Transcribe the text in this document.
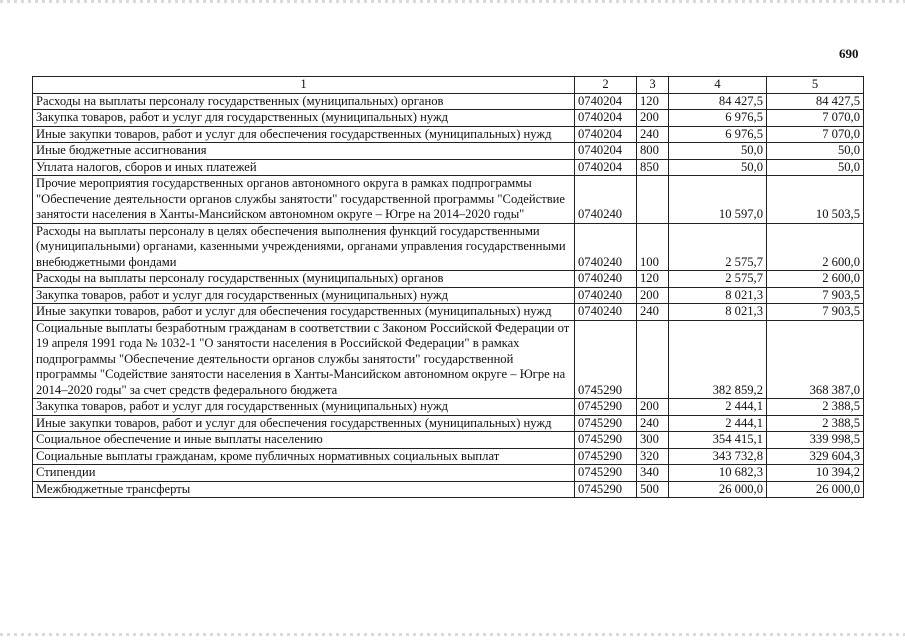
690
1	2	3	4	5
Расходы на выплаты персоналу государственных (муниципальных) органов	0740204	120	84 427,5	84 427,5
Закупка товаров, работ и услуг для государственных (муниципальных) нужд	0740204	200	6 976,5	7 070,0
Иные закупки товаров, работ и услуг для обеспечения государственных (муниципальных) нужд	0740204	240	6 976,5	7 070,0
Иные бюджетные ассигнования	0740204	800	50,0	50,0
Уплата налогов, сборов и иных платежей	0740204	850	50,0	50,0
Прочие мероприятия государственных органов автономного округа в рамках подпрограммы "Обеспечение деятельности органов службы занятости" государственной программы "Содействие занятости населения в Ханты-Мансийском автономном округе – Югре на 2014–2020 годы"	0740240		10 597,0	10 503,5
Расходы на выплаты персоналу в целях обеспечения выполнения функций государственными (муниципальными) органами, казенными учреждениями, органами управления государственными внебюджетными фондами	0740240	100	2 575,7	2 600,0
Расходы на выплаты персоналу государственных (муниципальных) органов	0740240	120	2 575,7	2 600,0
Закупка товаров, работ и услуг для государственных (муниципальных) нужд	0740240	200	8 021,3	7 903,5
Иные закупки товаров, работ и услуг для обеспечения государственных (муниципальных) нужд	0740240	240	8 021,3	7 903,5
Социальные выплаты безработным гражданам в соответствии с Законом Российской Федерации от 19 апреля 1991 года № 1032-1 "О занятости населения в Российской Федерации" в рамках подпрограммы "Обеспечение деятельности органов службы занятости" государственной программы "Содействие занятости населения в Ханты-Мансийском автономном округе – Югре на 2014–2020 годы" за счет средств федерального бюджета	0745290		382 859,2	368 387,0
Закупка товаров, работ и услуг для государственных (муниципальных) нужд	0745290	200	2 444,1	2 388,5
Иные закупки товаров, работ и услуг для обеспечения государственных (муниципальных) нужд	0745290	240	2 444,1	2 388,5
Социальное обеспечение и иные выплаты населению	0745290	300	354 415,1	339 998,5
Социальные выплаты гражданам, кроме публичных нормативных социальных выплат	0745290	320	343 732,8	329 604,3
Стипендии	0745290	340	10 682,3	10 394,2
Межбюджетные трансферты	0745290	500	26 000,0	26 000,0
